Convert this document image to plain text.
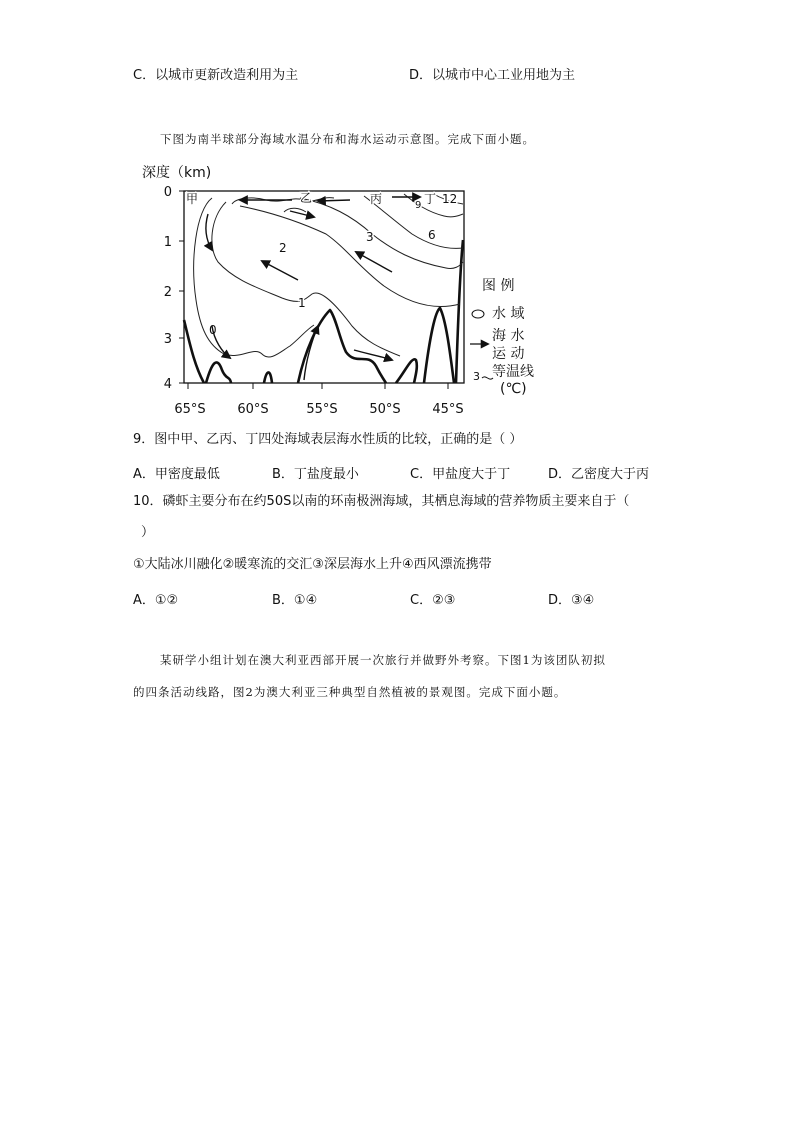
C．以城市更新改造利用为主	D．以城市中心工业用地为主
下图为南半球部分海域水温分布和海水运动示意图。完成下面小题。
深度（km)
0
1
2
3
4
65°S 60°S	55°S 50°S 45°S
0
1
2
3	6
9 12
甲	乙	丙	丁
图 例
水 域
海 水
运 动
等温线
3
(℃)
9．图中甲、乙丙、丁四处海域表层海水性质的比较，正确的是（ ）
A．甲密度最低	B．丁盐度最小	C．甲盐度大于丁	D．乙密度大于丙
10．磷虾主要分布在约50S以南的环南极洲海域，其栖息海域的营养物质主要来自于（
）
①大陆冰川融化②暖寒流的交汇③深层海水上升④西风漂流携带
A．①②	B．①④	C．②③	D．③④
某研学小组计划在澳大利亚西部开展一次旅行并做野外考察。下图1为该团队初拟
的四条活动线路，图2为澳大利亚三种典型自然植被的景观图。完成下面小题。
